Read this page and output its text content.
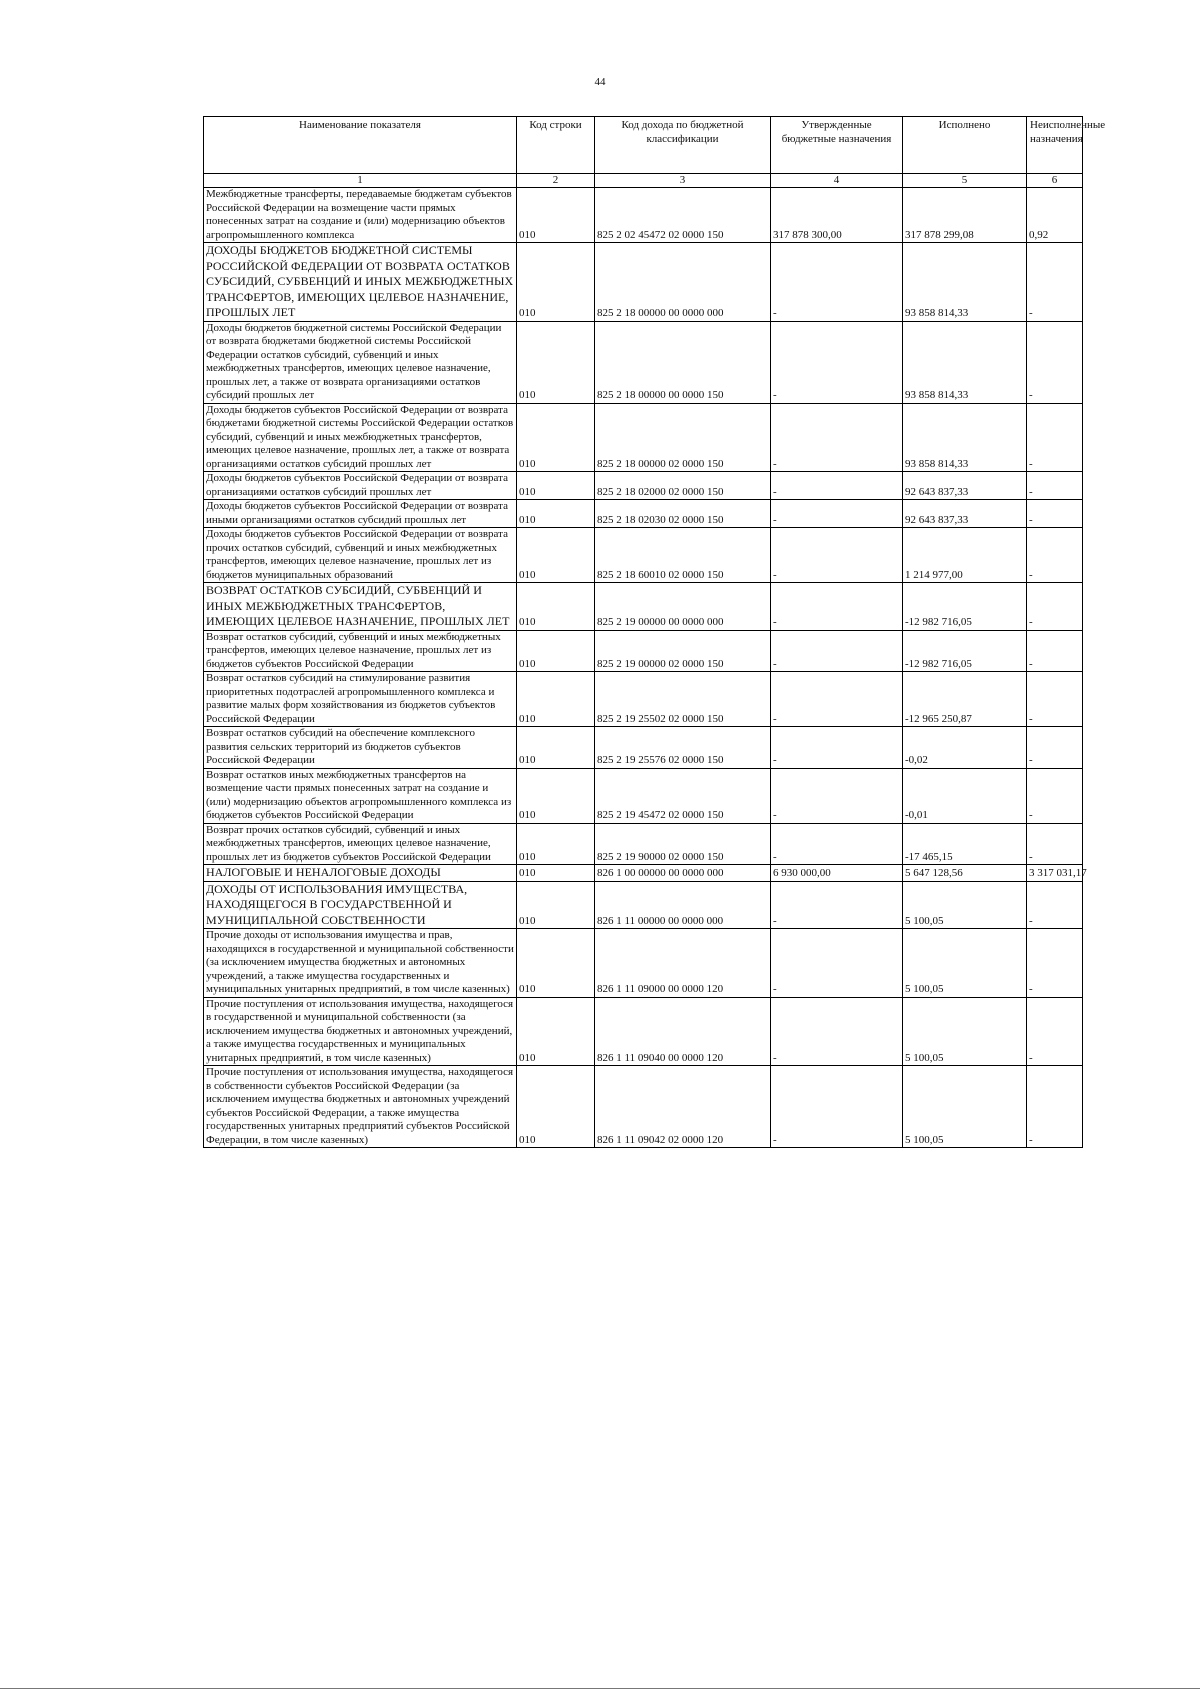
44
Наименование показателя	Код строки	Код дохода по бюджетной классификации	Утвержденные бюджетные назначения	Исполнено	Неисполненные назначения
1	2	3	4	5	6
Межбюджетные трансферты, передаваемые бюджетам субъектов Российской Федерации на возмещение части прямых понесенных затрат на создание и (или) модернизацию объектов агропромышленного комплекса	010	825 2 02 45472 02 0000 150	317 878 300,00	317 878 299,08	0,92
ДОХОДЫ БЮДЖЕТОВ БЮДЖЕТНОЙ СИСТЕМЫ РОССИЙСКОЙ ФЕДЕРАЦИИ ОТ ВОЗВРАТА ОСТАТКОВ СУБСИДИЙ, СУБВЕНЦИЙ И ИНЫХ МЕЖБЮДЖЕТНЫХ ТРАНСФЕРТОВ, ИМЕЮЩИХ ЦЕЛЕВОЕ НАЗНАЧЕНИЕ, ПРОШЛЫХ ЛЕТ	010	825 2 18 00000 00 0000 000	-	93 858 814,33	-
Доходы бюджетов бюджетной системы Российской Федерации от возврата бюджетами бюджетной системы Российской Федерации остатков субсидий, субвенций и иных межбюджетных трансфертов, имеющих целевое назначение, прошлых лет, а также от возврата организациями остатков субсидий прошлых лет	010	825 2 18 00000 00 0000 150	-	93 858 814,33	-
Доходы бюджетов субъектов Российской Федерации от возврата бюджетами бюджетной системы Российской Федерации остатков субсидий, субвенций и иных межбюджетных трансфертов, имеющих целевое назначение, прошлых лет, а также от возврата организациями остатков субсидий прошлых лет	010	825 2 18 00000 02 0000 150	-	93 858 814,33	-
Доходы бюджетов субъектов Российской Федерации от возврата организациями остатков субсидий прошлых лет	010	825 2 18 02000 02 0000 150	-	92 643 837,33	-
Доходы бюджетов субъектов Российской Федерации от возврата иными организациями остатков субсидий прошлых лет	010	825 2 18 02030 02 0000 150	-	92 643 837,33	-
Доходы бюджетов субъектов Российской Федерации от возврата прочих остатков субсидий, субвенций и иных межбюджетных трансфертов, имеющих целевое назначение, прошлых лет из бюджетов муниципальных образований	010	825 2 18 60010 02 0000 150	-	1 214 977,00	-
ВОЗВРАТ ОСТАТКОВ СУБСИДИЙ, СУБВЕНЦИЙ И ИНЫХ МЕЖБЮДЖЕТНЫХ ТРАНСФЕРТОВ, ИМЕЮЩИХ ЦЕЛЕВОЕ НАЗНАЧЕНИЕ, ПРОШЛЫХ ЛЕТ	010	825 2 19 00000 00 0000 000	-	-12 982 716,05	-
Возврат остатков субсидий, субвенций и иных межбюджетных трансфертов, имеющих целевое назначение, прошлых лет из бюджетов субъектов Российской Федерации	010	825 2 19 00000 02 0000 150	-	-12 982 716,05	-
Возврат остатков субсидий на стимулирование развития приоритетных подотраслей агропромышленного комплекса и развитие малых форм хозяйствования из бюджетов субъектов Российской Федерации	010	825 2 19 25502 02 0000 150	-	-12 965 250,87	-
Возврат остатков субсидий на обеспечение комплексного развития сельских территорий из бюджетов субъектов Российской Федерации	010	825 2 19 25576 02 0000 150	-	-0,02	-
Возврат остатков иных межбюджетных трансфертов на возмещение части прямых понесенных затрат на создание и (или) модернизацию объектов агропромышленного комплекса из бюджетов субъектов Российской Федерации	010	825 2 19 45472 02 0000 150	-	-0,01	-
Возврат прочих остатков субсидий, субвенций и иных межбюджетных трансфертов, имеющих целевое назначение, прошлых лет из бюджетов субъектов Российской Федерации	010	825 2 19 90000 02 0000 150	-	-17 465,15	-
НАЛОГОВЫЕ И НЕНАЛОГОВЫЕ ДОХОДЫ	010	826 1 00 00000 00 0000 000	6 930 000,00	5 647 128,56	3 317 031,17
ДОХОДЫ ОТ ИСПОЛЬЗОВАНИЯ ИМУЩЕСТВА, НАХОДЯЩЕГОСЯ В ГОСУДАРСТВЕННОЙ И МУНИЦИПАЛЬНОЙ СОБСТВЕННОСТИ	010	826 1 11 00000 00 0000 000	-	5 100,05	-
Прочие доходы от использования имущества и прав, находящихся в государственной и муниципальной собственности (за исключением имущества бюджетных и автономных учреждений, а также имущества государственных и муниципальных унитарных предприятий, в том числе казенных)	010	826 1 11 09000 00 0000 120	-	5 100,05	-
Прочие поступления от использования имущества, находящегося в государственной и муниципальной собственности (за исключением имущества бюджетных и автономных учреждений, а также имущества государственных и муниципальных унитарных предприятий, в том числе казенных)	010	826 1 11 09040 00 0000 120	-	5 100,05	-
Прочие поступления от использования имущества, находящегося в собственности субъектов Российской Федерации (за исключением имущества бюджетных и автономных учреждений субъектов Российской Федерации, а также имущества государственных унитарных предприятий субъектов Российской Федерации, в том числе казенных)	010	826 1 11 09042 02 0000 120	-	5 100,05	-
